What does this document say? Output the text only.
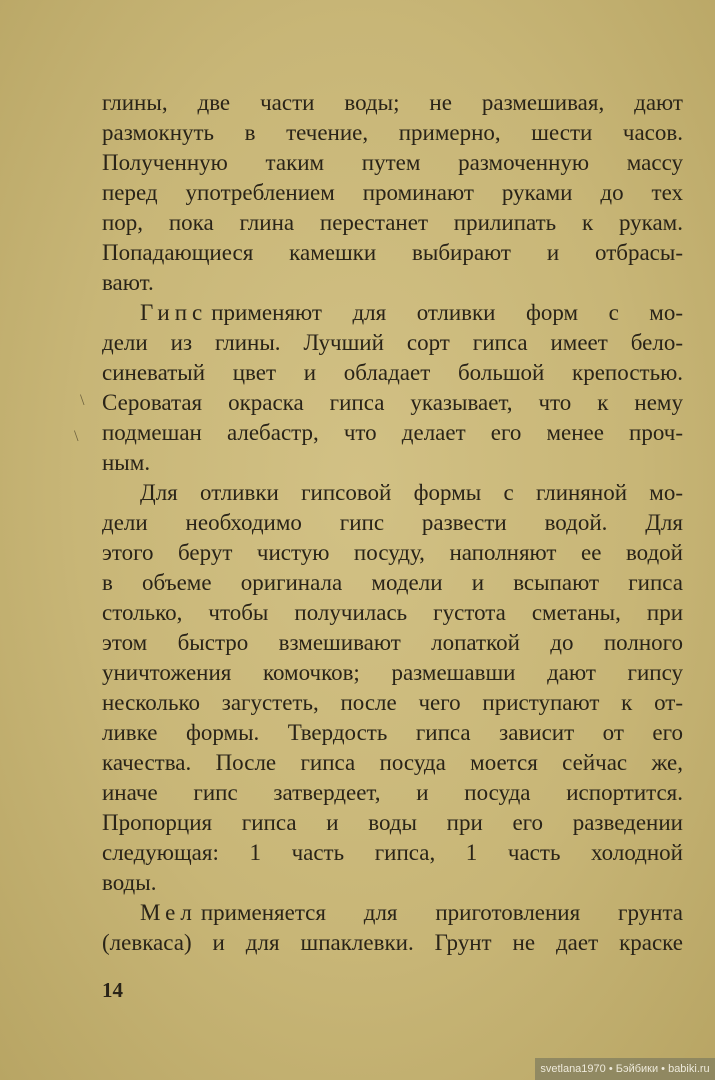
глины, две части воды; не размешивая, дают
размокнуть в течение, примерно, шести часов.
Полученную таким путем размоченную массу
перед употреблением проминают руками до тех
пор, пока глина перестанет прилипать к рукам.
Попадающиеся камешки выбирают и отбрасы-
вают.
Гипс применяют для отливки форм с мо-
дели из глины. Лучший сорт гипса имеет бело-
синеватый цвет и обладает большой крепостью.
Сероватая окраска гипса указывает, что к нему
подмешан алебастр, что делает его менее проч-
ным.
Для отливки гипсовой формы с глиняной мо-
дели необходимо гипс развести водой. Для
этого берут чистую посуду, наполняют ее водой
в объеме оригинала модели и всыпают гипса
столько, чтобы получилась густота сметаны, при
этом быстро взмешивают лопаткой до полного
уничтожения комочков; размешавши дают гипсу
несколько загустеть, после чего приступают к от-
ливке формы. Твердость гипса зависит от его
качества. После гипса посуда моется сейчас же,
иначе гипс затвердеет, и посуда испортится.
Пропорция гипса и воды при его разведении
следующая: 1 часть гипса, 1 часть холодной
воды.
Мел применяется для приготовления грунта
(левкаса) и для шпаклевки. Грунт не дает краске
\
\
14
svetlana1970 • Бэйбики • babiki.ru
